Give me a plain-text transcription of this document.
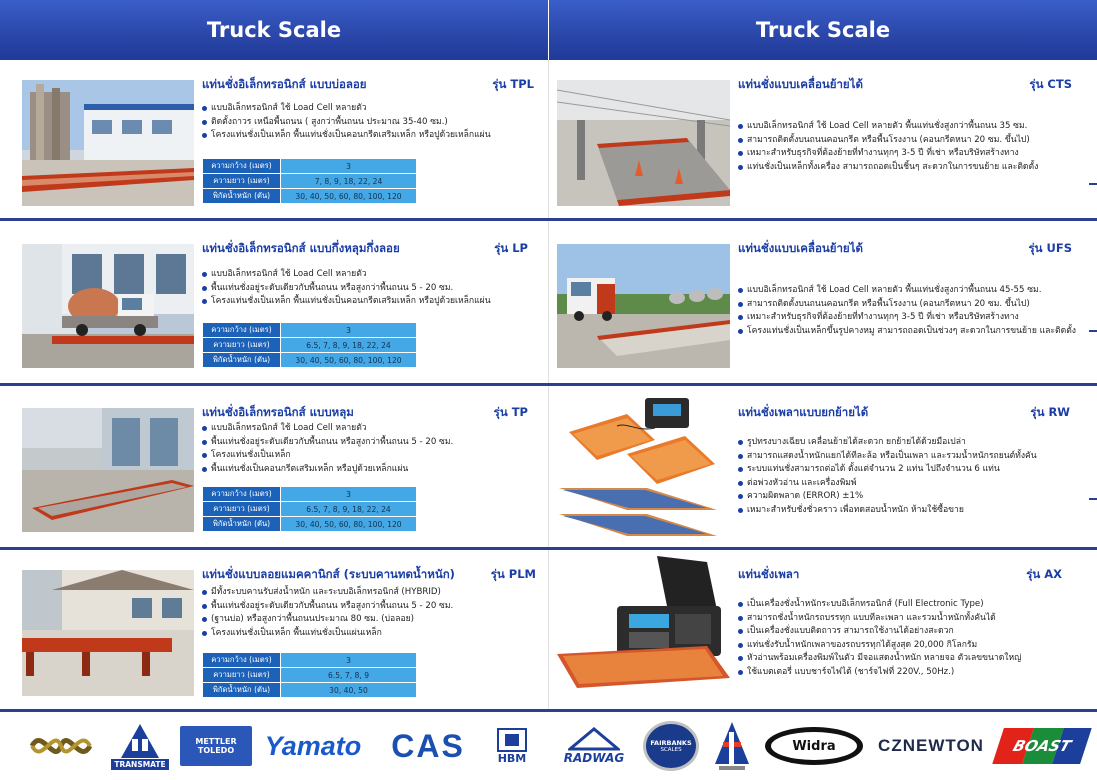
Truck Scale	Truck Scale
แท่นชั่งอิเล็กทรอนิกส์ แบบบ่อลอย	รุ่น TPL
แบบอิเล็กทรอนิกส์ ใช้ Load Cell หลายตัว
ติดตั้งถาวร เหนือพื้นถนน ( สูงกว่าพื้นถนน ประมาณ 35-40 ซม.)
โครงแท่นชั่งเป็นเหล็ก พื้นแท่นชั่งเป็นคอนกรีตเสริมเหล็ก หรือปูด้วยเหล็กแผ่น
ความกว้าง (เมตร)	3
ความยาว (เมตร)	7, 8, 9, 18, 22, 24
พิกัดน้ำหนัก (ตัน)	30, 40, 50, 60, 80, 100, 120
แท่นชั่งอิเล็กทรอนิกส์ แบบกึ่งหลุมกึ่งลอย	รุ่น LP
แบบอิเล็กทรอนิกส์ ใช้ Load Cell หลายตัว
พื้นแท่นชั่งอยู่ระดับเดียวกับพื้นถนน หรือสูงกว่าพื้นถนน 5 - 20 ซม.
โครงแท่นชั่งเป็นเหล็ก พื้นแท่นชั่งเป็นคอนกรีตเสริมเหล็ก หรือปูด้วยเหล็กแผ่น
ความกว้าง (เมตร)	3
ความยาว (เมตร)	6.5, 7, 8, 9, 18, 22, 24
พิกัดน้ำหนัก (ตัน)	30, 40, 50, 60, 80, 100, 120
แท่นชั่งอิเล็กทรอนิกส์ แบบหลุม	รุ่น TP
แบบอิเล็กทรอนิกส์ ใช้ Load Cell หลายตัว
พื้นแท่นชั่งอยู่ระดับเดียวกับพื้นถนน หรือสูงกว่าพื้นถนน 5 - 20 ซม.
โครงแท่นชั่งเป็นเหล็ก
พื้นแท่นชั่งเป็นคอนกรีตเสริมเหล็ก หรือปูด้วยเหล็กแผ่น
ความกว้าง (เมตร)	3
ความยาว (เมตร)	6.5, 7, 8, 9, 18, 22, 24
พิกัดน้ำหนัก (ตัน)	30, 40, 50, 60, 80, 100, 120
แท่นชั่งแบบลอยแมคคานิกส์ (ระบบคานทดน้ำหนัก)	รุ่น PLM
มีทั้งระบบคานรับส่งน้ำหนัก และระบบอิเล็กทรอนิกส์ (HYBRID)
พื้นแท่นชั่งอยู่ระดับเดียวกับพื้นถนน หรือสูงกว่าพื้นถนน 5 - 20 ซม.
(ฐานบ่อ) หรือสูงกว่าพื้นถนนประมาณ 80 ซม. (บ่อลอย)
โครงแท่นชั่งเป็นเหล็ก พื้นแท่นชั่งเป็นแผ่นเหล็ก
ความกว้าง (เมตร)	3
ความยาว (เมตร)	6.5, 7, 8, 9
พิกัดน้ำหนัก (ตัน)	30, 40, 50
แท่นชั่งแบบเคลื่อนย้ายได้	รุ่น CTS
แบบอิเล็กทรอนิกส์ ใช้ Load Cell หลายตัว พื้นแท่นชั่งสูงกว่าพื้นถนน 35 ซม.
สามารถติดตั้งบนถนนคอนกรีต หรือพื้นโรงงาน (คอนกรีตหนา 20 ซม. ขึ้นไป)
เหมาะสำหรับธุรกิจที่ต้องย้ายที่ทำงานทุกๆ 3-5 ปี ที่เช่า หรือบริษัทสร้างทาง
แท่นชั่งเป็นเหล็กทั้งเครื่อง สามารถถอดเป็นชิ้นๆ สะดวกในการขนย้าย และติดตั้ง
แท่นชั่งแบบเคลื่อนย้ายได้	รุ่น UFS
แบบอิเล็กทรอนิกส์ ใช้ Load Cell หลายตัว พื้นแท่นชั่งสูงกว่าพื้นถนน 45-55 ซม.
สามารถติดตั้งบนถนนคอนกรีต หรือพื้นโรงงาน (คอนกรีตหนา 20 ซม. ขึ้นไป)
เหมาะสำหรับธุรกิจที่ต้องย้ายที่ทำงานทุกๆ 3-5 ปี ที่เช่า หรือบริษัทสร้างทาง
โครงแท่นชั่งเป็นเหล็กขึ้นรูปคางหมู สามารถถอดเป็นช่วงๆ สะดวกในการขนย้าย และติดตั้ง
แท่นชั่งเพลาแบบยกย้ายได้	รุ่น RW
รูปทรงบางเฉียบ เคลื่อนย้ายได้สะดวก ยกย้ายได้ด้วยมือเปล่า
สามารถแสดงน้ำหนักแยกได้ทีละล้อ หรือเป็นเพลา และรวมน้ำหนักรถยนต์ทั้งคัน
ระบบแท่นชั่งสามารถต่อได้ ตั้งแต่จำนวน 2 แท่น ไปถึงจำนวน 6 แท่น
ต่อพ่วงหัวอ่าน และเครื่องพิมพ์
ความผิดพลาด (ERROR) ±1%
เหมาะสำหรับชั่งชั่วคราว เพื่อทดสอบน้ำหนัก ห้ามใช้ซื้อขาย
แท่นชั่งเพลา	รุ่น AX
เป็นเครื่องชั่งน้ำหนักระบบอิเล็กทรอนิกส์ (Full Electronic Type)
สามารถชั่งน้ำหนักรถบรรทุก แบบทีละเพลา และรวมน้ำหนักทั้งคันได้
เป็นเครื่องชั่งแบบติดถาวร สามารถใช้งานได้อย่างสะดวก
แท่นชั่งรับน้ำหนักเพลาของรถบรรทุกได้สูงสุด 20,000 กิโลกรัม
หัวอ่านพร้อมเครื่องพิมพ์ในตัว มีจอแสดงน้ำหนัก หลายจอ ตัวเลขขนาดใหญ่
ใช้แบตเตอรี่ แบบชาร์จไฟได้ (ชาร์จไฟที่ 220V., 50Hz.)
TRANSMATE
METTLER
TOLEDO Yamato CAS	HBM	RADWAG
FAIRBANKS
SCALES	Widra CZNEWTON BOAST
